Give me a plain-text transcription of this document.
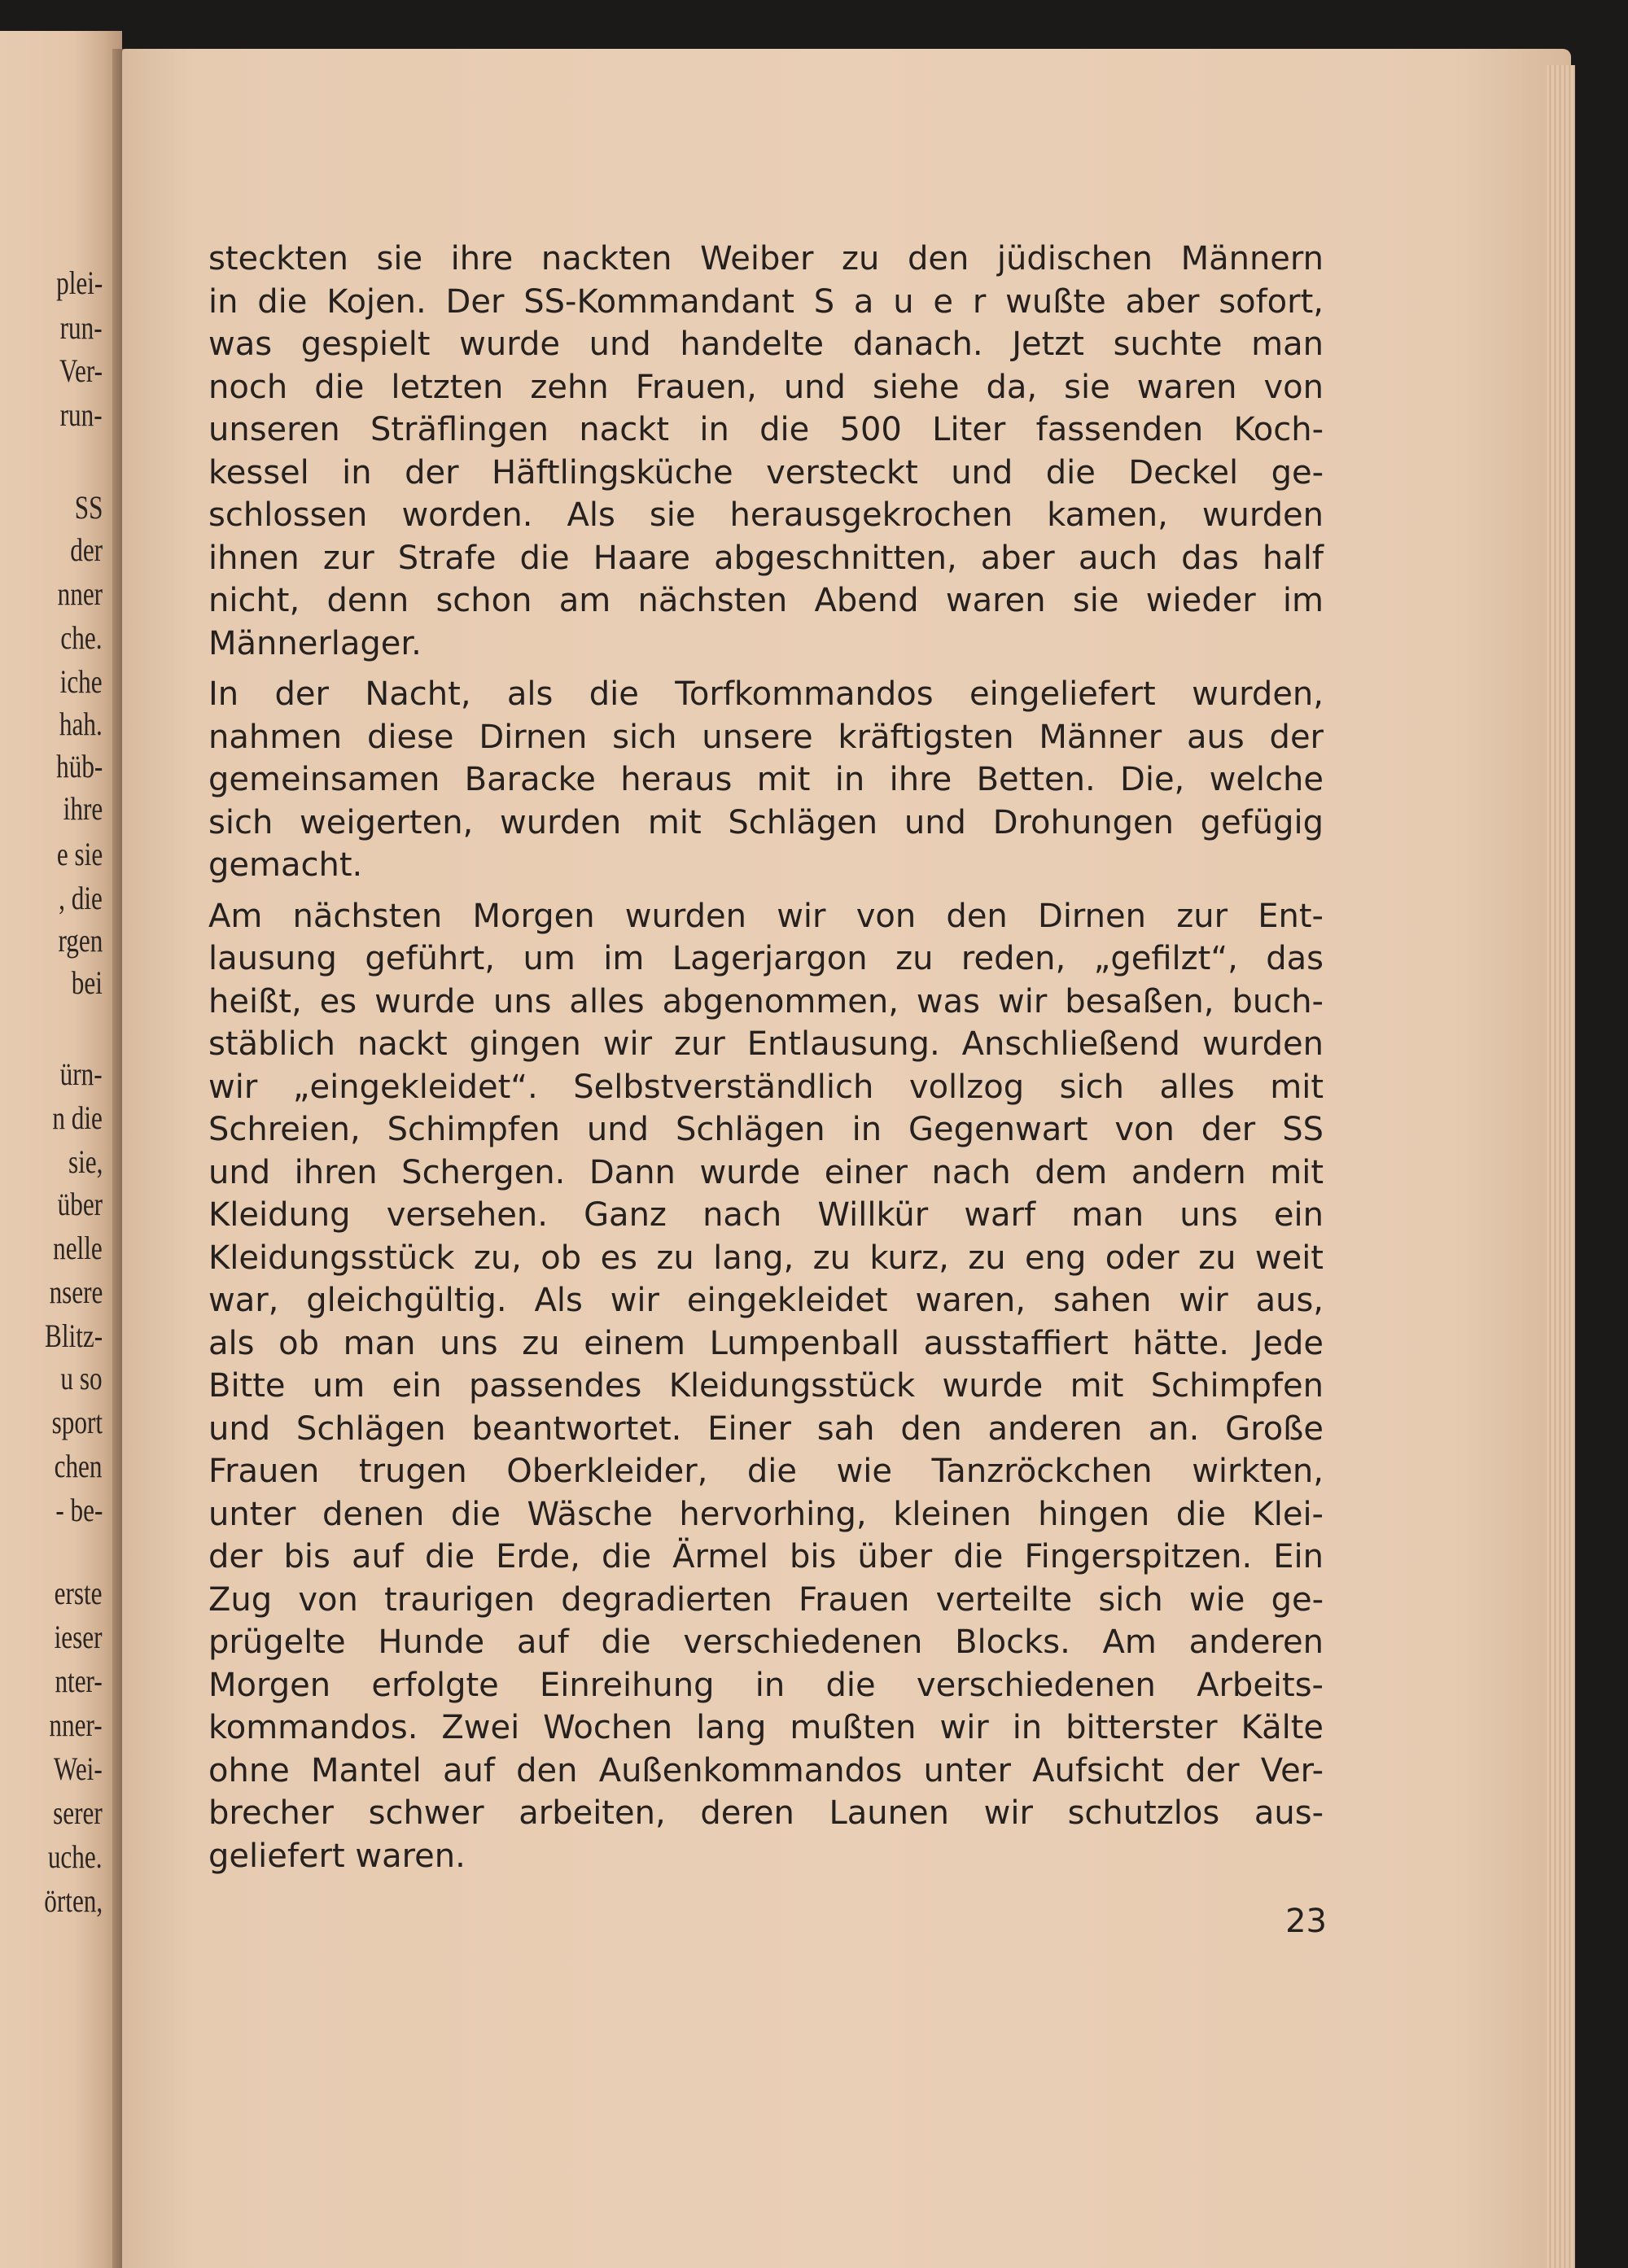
plei-
run-
Ver-
run-
SS
der
nner
che.
iche
hah.
hüb-
ihre
e sie
, die
rgen
bei
ürn-
n die
sie,
über
nelle
nsere
Blitz-
u so
sport
chen
- be-
erste
ieser
nter-
nner-
Wei-
serer
uche.
örten,
steckten sie ihre nackten Weiber zu den jüdischen Männern
in die Kojen. Der SS-Kommandant S a u e r wußte aber sofort,
was gespielt wurde und handelte danach. Jetzt suchte man
noch die letzten zehn Frauen, und siehe da, sie waren von
unseren Sträflingen nackt in die 500 Liter fassenden Koch-
kessel in der Häftlingsküche versteckt und die Deckel ge-
schlossen worden. Als sie herausgekrochen kamen, wurden
ihnen zur Strafe die Haare abgeschnitten, aber auch das half
nicht, denn schon am nächsten Abend waren sie wieder im
Männerlager.
In der Nacht, als die Torfkommandos eingeliefert wurden,
nahmen diese Dirnen sich unsere kräftigsten Männer aus der
gemeinsamen Baracke heraus mit in ihre Betten. Die, welche
sich weigerten, wurden mit Schlägen und Drohungen gefügig
gemacht.
Am nächsten Morgen wurden wir von den Dirnen zur Ent-
lausung geführt, um im Lagerjargon zu reden, „gefilzt“, das
heißt, es wurde uns alles abgenommen, was wir besaßen, buch-
stäblich nackt gingen wir zur Entlausung. Anschließend wurden
wir „eingekleidet“. Selbstverständlich vollzog sich alles mit
Schreien, Schimpfen und Schlägen in Gegenwart von der SS
und ihren Schergen. Dann wurde einer nach dem andern mit
Kleidung versehen. Ganz nach Willkür warf man uns ein
Kleidungsstück zu, ob es zu lang, zu kurz, zu eng oder zu weit
war, gleichgültig. Als wir eingekleidet waren, sahen wir aus,
als ob man uns zu einem Lumpenball ausstaffiert hätte. Jede
Bitte um ein passendes Kleidungsstück wurde mit Schimpfen
und Schlägen beantwortet. Einer sah den anderen an. Große
Frauen trugen Oberkleider, die wie Tanzröckchen wirkten,
unter denen die Wäsche hervorhing, kleinen hingen die Klei-
der bis auf die Erde, die Ärmel bis über die Fingerspitzen. Ein
Zug von traurigen degradierten Frauen verteilte sich wie ge-
prügelte Hunde auf die verschiedenen Blocks. Am anderen
Morgen erfolgte Einreihung in die verschiedenen Arbeits-
kommandos. Zwei Wochen lang mußten wir in bitterster Kälte
ohne Mantel auf den Außenkommandos unter Aufsicht der Ver-
brecher schwer arbeiten, deren Launen wir schutzlos aus-
geliefert waren.
23
